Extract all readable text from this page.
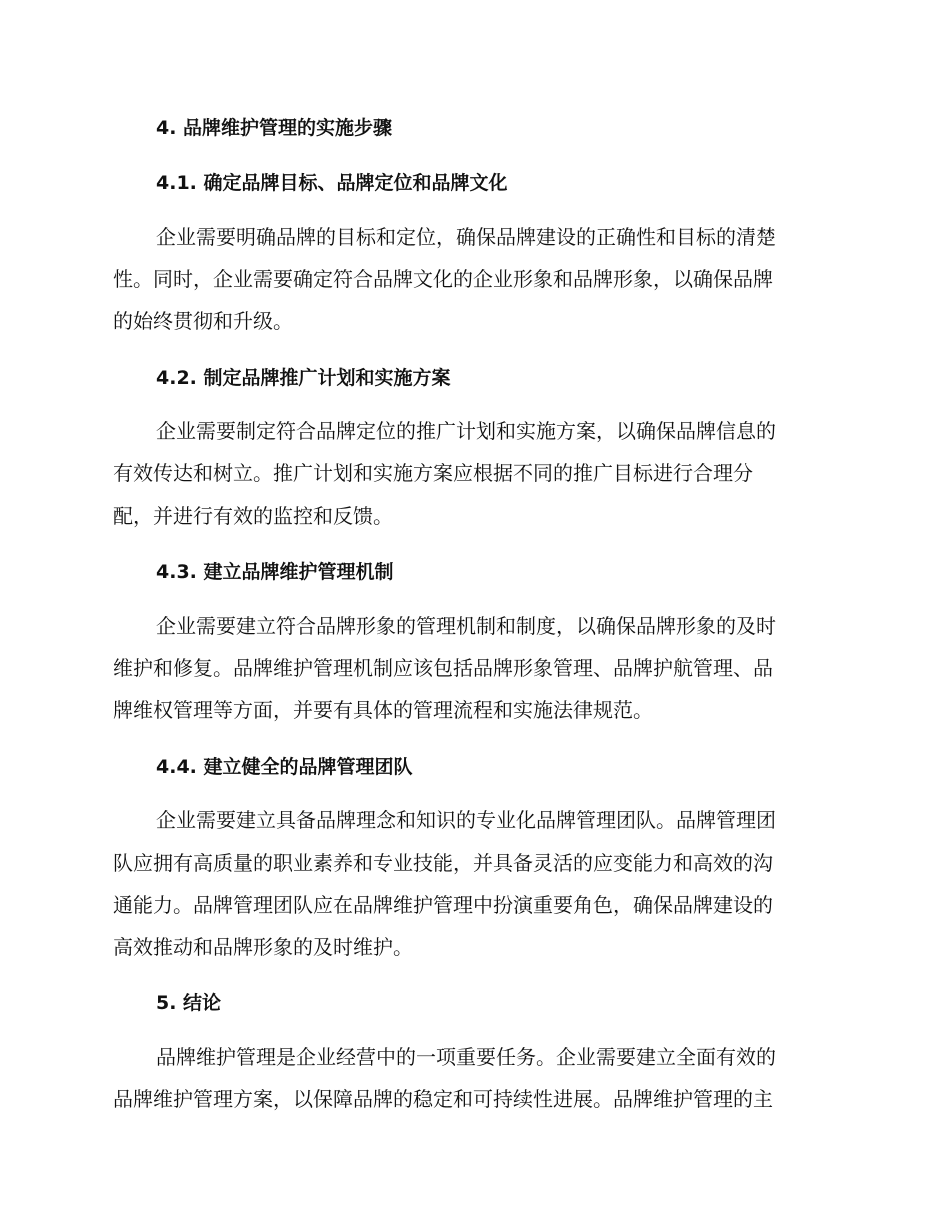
4. 品牌维护管理的实施步骤
4.1. 确定品牌目标、品牌定位和品牌文化
企业需要明确品牌的目标和定位，确保品牌建设的正确性和目标的清楚
性。同时，企业需要确定符合品牌文化的企业形象和品牌形象，以确保品牌
的始终贯彻和升级。
4.2. 制定品牌推广计划和实施方案
企业需要制定符合品牌定位的推广计划和实施方案，以确保品牌信息的
有效传达和树立。推广计划和实施方案应根据不同的推广目标进行合理分
配，并进行有效的监控和反馈。
4.3. 建立品牌维护管理机制
企业需要建立符合品牌形象的管理机制和制度，以确保品牌形象的及时
维护和修复。品牌维护管理机制应该包括品牌形象管理、品牌护航管理、品
牌维权管理等方面，并要有具体的管理流程和实施法律规范。
4.4. 建立健全的品牌管理团队
企业需要建立具备品牌理念和知识的专业化品牌管理团队。品牌管理团
队应拥有高质量的职业素养和专业技能，并具备灵活的应变能力和高效的沟
通能力。品牌管理团队应在品牌维护管理中扮演重要角色，确保品牌建设的
高效推动和品牌形象的及时维护。
5. 结论
品牌维护管理是企业经营中的一项重要任务。企业需要建立全面有效的
品牌维护管理方案，以保障品牌的稳定和可持续性进展。品牌维护管理的主
